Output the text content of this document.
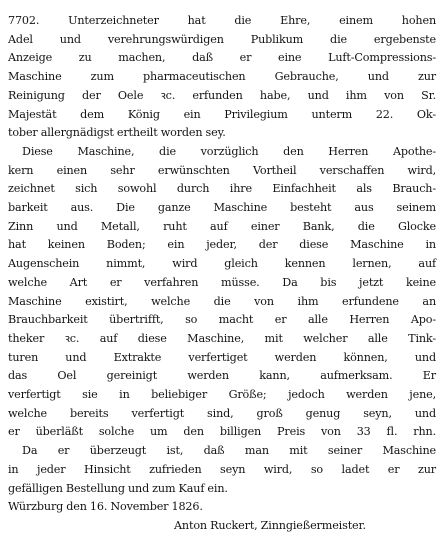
7702. Unterzeichneter hat die Ehre, einem hohen
Adel und verehrungswürdigen Publikum die ergebenste
Anzeige zu machen, daß er eine Luft-Compressions-
Maschine zum pharmaceutischen Gebrauche, und zur
Reinigung der Oele ꝛc. erfunden habe, und ihm von Sr.
Majestät dem König ein Privilegium unterm 22. Ok-
tober allergnädigst ertheilt worden sey.
Diese Maschine, die vorzüglich den Herren Apothe-
kern einen sehr erwünschten Vortheil verschaffen wird,
zeichnet sich sowohl durch ihre Einfachheit als Brauch-
barkeit aus. Die ganze Maschine besteht aus seinem
Zinn und Metall, ruht auf einer Bank, die Glocke
hat keinen Boden; ein jeder, der diese Maschine in
Augenschein nimmt, wird gleich kennen lernen, auf
welche Art er verfahren müsse. Da bis jetzt keine
Maschine existirt, welche die von ihm erfundene an
Brauchbarkeit übertrifft, so macht er alle Herren Apo-
theker ꝛc. auf diese Maschine, mit welcher alle Tink-
turen und Extrakte verfertiget werden können, und
das Oel gereinigt werden kann, aufmerksam. Er
verfertigt sie in beliebiger Größe; jedoch werden jene,
welche bereits verfertigt sind, groß genug seyn, und
er überläßt solche um den billigen Preis von 33 fl. rhn.
Da er überzeugt ist, daß man mit seiner Maschine
in jeder Hinsicht zufrieden seyn wird, so ladet er zur
gefälligen Bestellung und zum Kauf ein.
Würzburg den 16. November 1826.
Anton Ruckert, Zinngießermeister.
